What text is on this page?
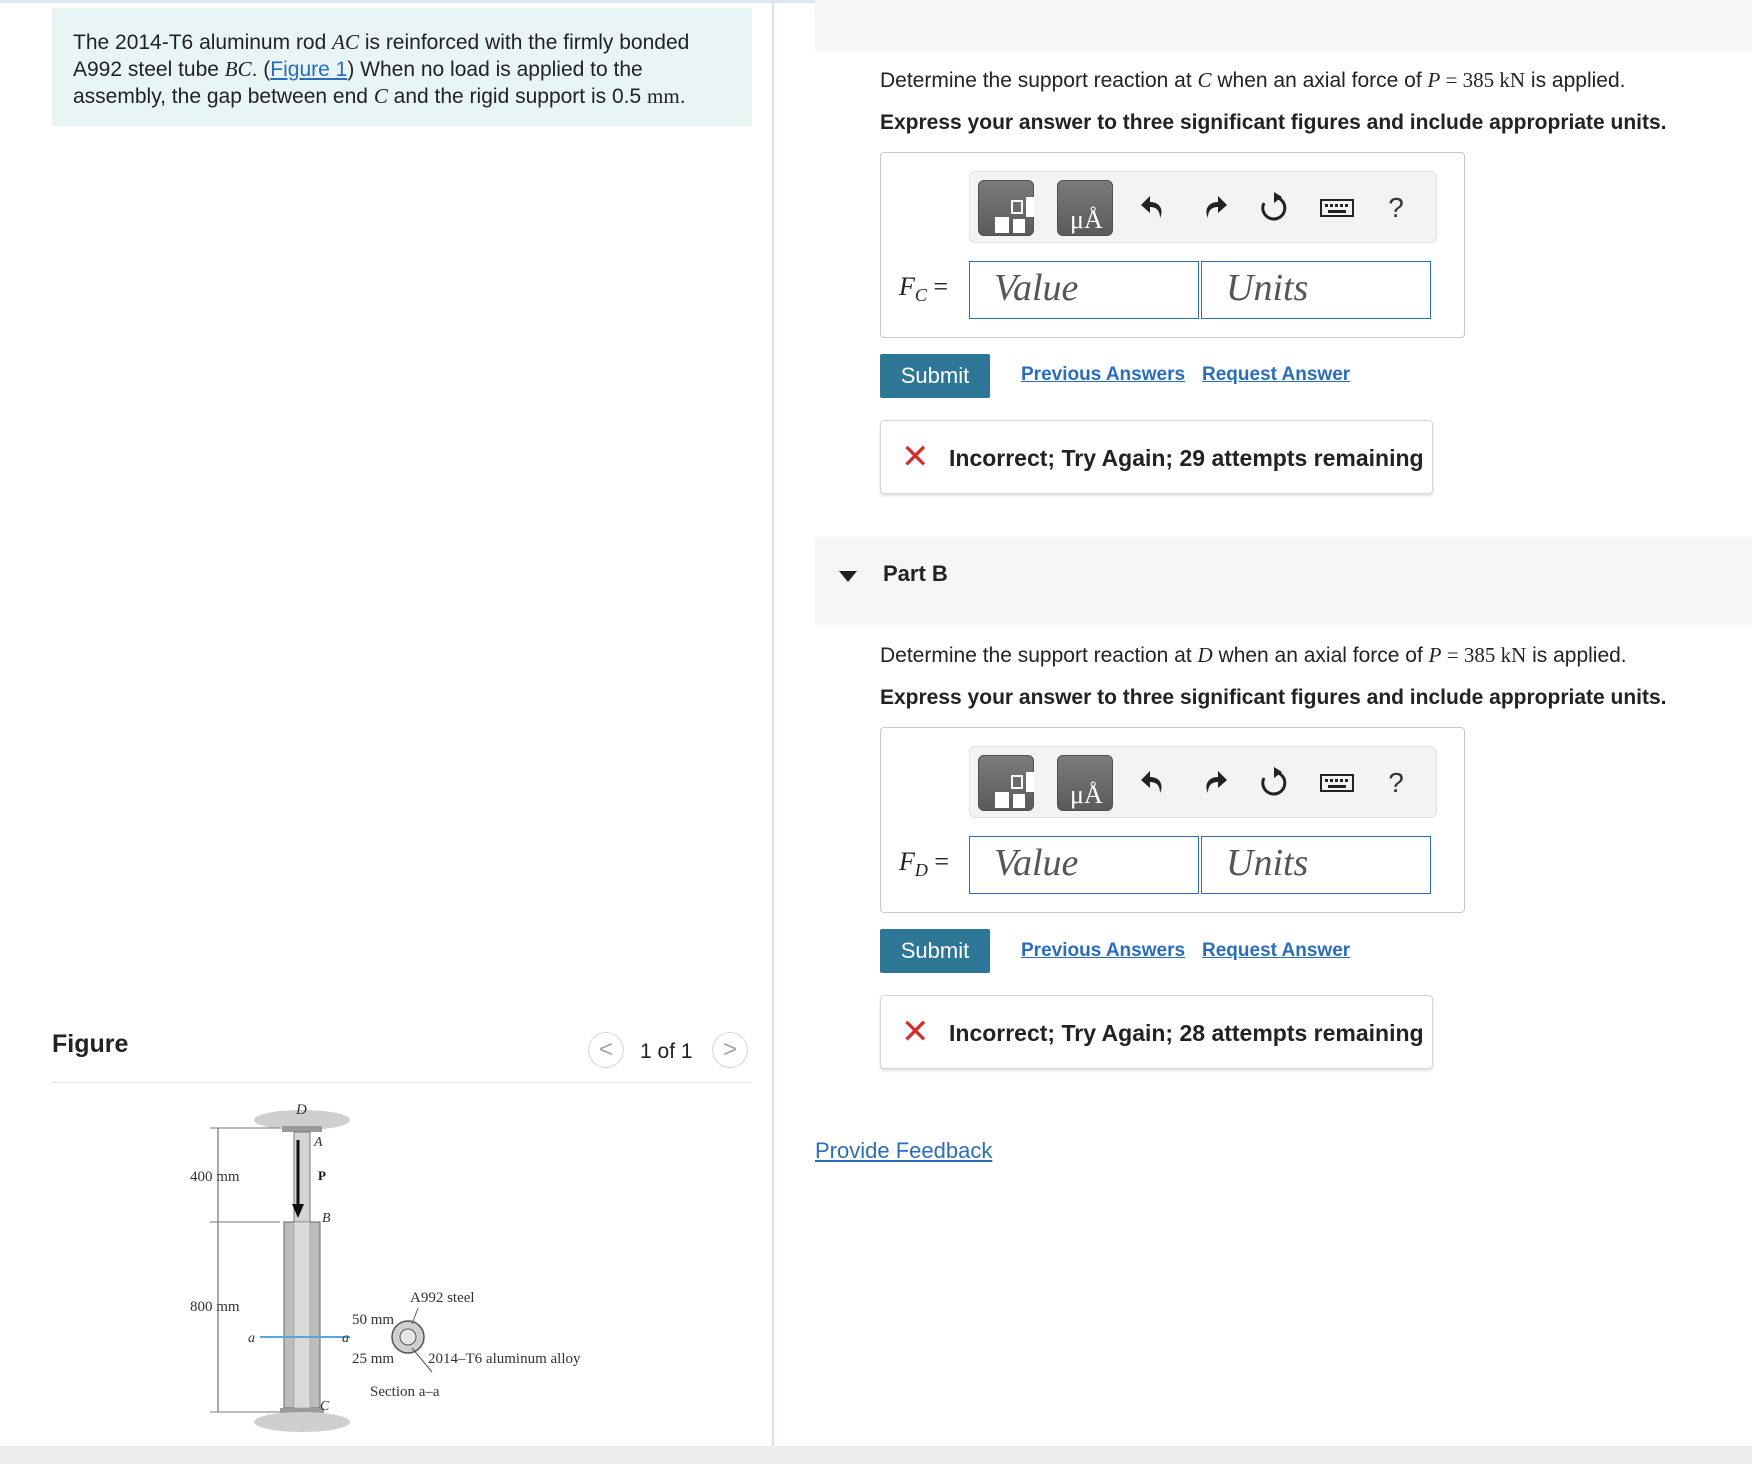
The 2014-T6 aluminum rod AC is reinforced with the firmly bonded
A992 steel tube BC. (Figure 1) When no load is applied to the
assembly, the gap between end C and the rigid support is 0.5 mm.
Figure	< 1 of 1 >
D
A
P
B
C
400 mm
800 mm
a	a
A992 steel
50 mm
25 mm 2014–T6 aluminum alloy
Section a–a
Determine the support reaction at C when an axial force of P = 385 kN is applied.
Express your answer to three significant figures and include appropriate units.
μÅ	?
$F_C$ =	Value	Units
Submit	Previous Answers Request Answer
✕ Incorrect; Try Again; 29 attempts remaining
Part B
Determine the support reaction at D when an axial force of P = 385 kN is applied.
Express your answer to three significant figures and include appropriate units.
μÅ	?
$F_D$ =	Value	Units
Submit	Previous Answers Request Answer
✕ Incorrect; Try Again; 28 attempts remaining
Provide Feedback
